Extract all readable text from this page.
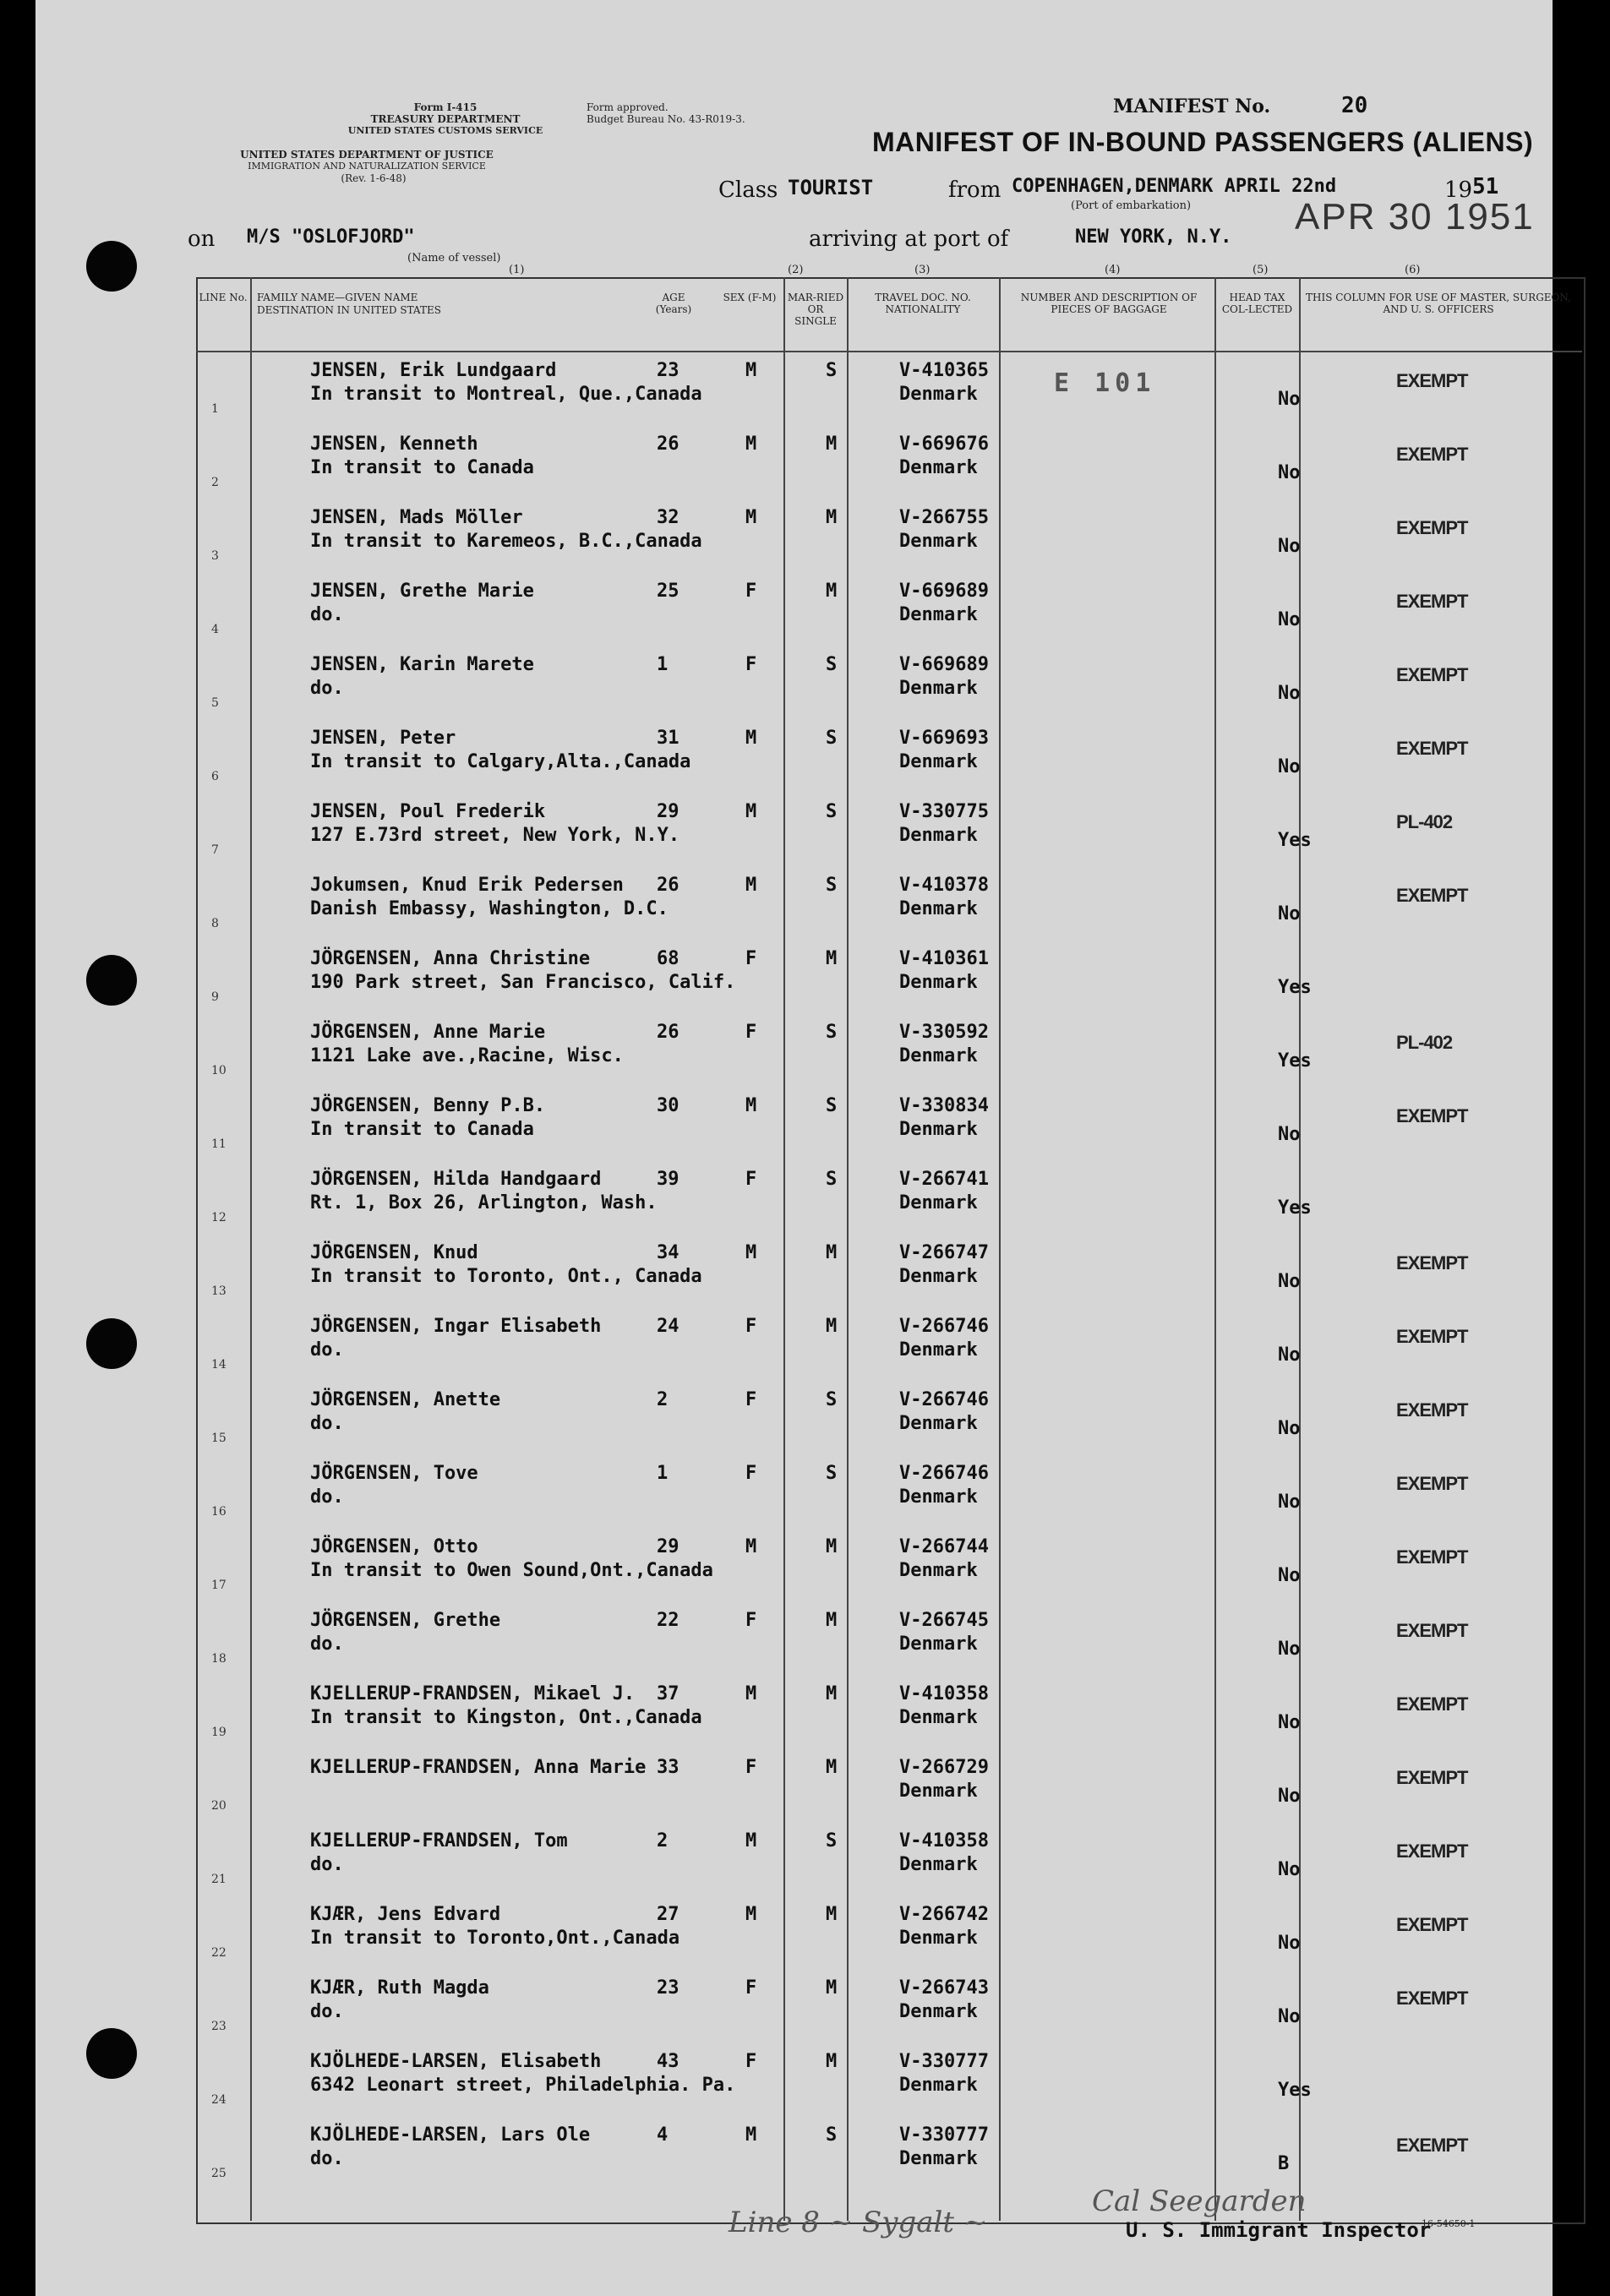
Form I-415
TREASURY DEPARTMENT
UNITED STATES CUSTOMS SERVICE
UNITED STATES DEPARTMENT OF JUSTICE
IMMIGRATION AND NATURALIZATION SERVICE
(Rev. 1-6-48)
Form approved.
Budget Bureau No. 43-R019-3.
MANIFEST No.	20
MANIFEST OF IN-BOUND PASSENGERS (ALIENS)
Class TOURIST	from COPENHAGEN,DENMARK APRIL 22nd	19 51
(Port of embarkation)
on M/S "OSLOFJORD"
(Name of vessel)
arriving at port of	NEW YORK, N.Y. APR 30 1951
(1)	(2)	(3)	(4)	(5)	(6)
LINE No. FAMILY NAME—GIVEN NAME
DESTINATION IN UNITED STATES
AGE (Years)
SEX (F-M) MAR-RIED OR SINGLE
TRAVEL DOC. NO. NATIONALITY
NUMBER AND DESCRIPTION OF PIECES OF BAGGAGE
HEAD TAX COL-LECTED
THIS COLUMN FOR USE OF MASTER, SURGEON, AND U. S. OFFICERS
1
JENSEN, Erik Lundgaard
In transit to Montreal, Que.,Canada
23	M	S	V-410365
Denmark	E 101
No
EXEMPT
2
JENSEN, Kenneth
In transit to Canada
26	M	M	V-669676
Denmark	No
EXEMPT
3
JENSEN, Mads Möller
In transit to Karemeos, B.C.,Canada
32	M	M	V-266755
Denmark	No
EXEMPT
4
JENSEN, Grethe Marie
do.
25	F	M	V-669689
Denmark	No
EXEMPT
5
JENSEN, Karin Marete
do.
1	F	S	V-669689
Denmark	No
EXEMPT
6
JENSEN, Peter
In transit to Calgary,Alta.,Canada
31	M	S	V-669693
Denmark	No
EXEMPT
7
JENSEN, Poul Frederik
127 E.73rd street, New York, N.Y.
29	M	S	V-330775
Denmark	Yes
PL-402
8
Jokumsen, Knud Erik Pedersen
Danish Embassy, Washington, D.C.
26	M	S	V-410378
Denmark	No
EXEMPT
9
JÖRGENSEN, Anna Christine
190 Park street, San Francisco, Calif.
68	F	M	V-410361
Denmark	Yes
10
JÖRGENSEN, Anne Marie
1121 Lake ave.,Racine, Wisc.
26	F	S	V-330592
Denmark	Yes
PL-402
11
JÖRGENSEN, Benny P.B.
In transit to Canada
30	M	S	V-330834
Denmark	No
EXEMPT
12
JÖRGENSEN, Hilda Handgaard
Rt. 1, Box 26, Arlington, Wash.
39	F	S	V-266741
Denmark	Yes
13
JÖRGENSEN, Knud
In transit to Toronto, Ont., Canada
34	M	M	V-266747
Denmark	No
EXEMPT
14
JÖRGENSEN, Ingar Elisabeth
do.
24	F	M	V-266746
Denmark	No
EXEMPT
15
JÖRGENSEN, Anette
do.
2	F	S	V-266746
Denmark	No
EXEMPT
16
JÖRGENSEN, Tove
do.
1	F	S	V-266746
Denmark	No
EXEMPT
17
JÖRGENSEN, Otto
In transit to Owen Sound,Ont.,Canada
29	M	M	V-266744
Denmark	No
EXEMPT
18
JÖRGENSEN, Grethe
do.
22	F	M	V-266745
Denmark	No
EXEMPT
19
KJELLERUP-FRANDSEN, Mikael J.
In transit to Kingston, Ont.,Canada
37	M	M	V-410358
Denmark	No
EXEMPT
20
KJELLERUP-FRANDSEN, Anna Marie 33	F	M	V-266729
Denmark	No
EXEMPT
21
KJELLERUP-FRANDSEN, Tom
do.
2	M	S	V-410358
Denmark	No
EXEMPT
22
KJÆR, Jens Edvard
In transit to Toronto,Ont.,Canada
27	M	M	V-266742
Denmark	No
EXEMPT
23
KJÆR, Ruth Magda
do.
23	F	M	V-266743
Denmark	No
EXEMPT
24
KJÖLHEDE-LARSEN, Elisabeth
6342 Leonart street, Philadelphia. Pa.
43	F	M	V-330777
Denmark	Yes
25
KJÖLHEDE-LARSEN, Lars Ole
do.
4	M	S	V-330777
Denmark	B
EXEMPT
Line 8 ~ Sygalt ~
Cal Seegarden
U. S. Immigrant Inspector
16-54650-1
